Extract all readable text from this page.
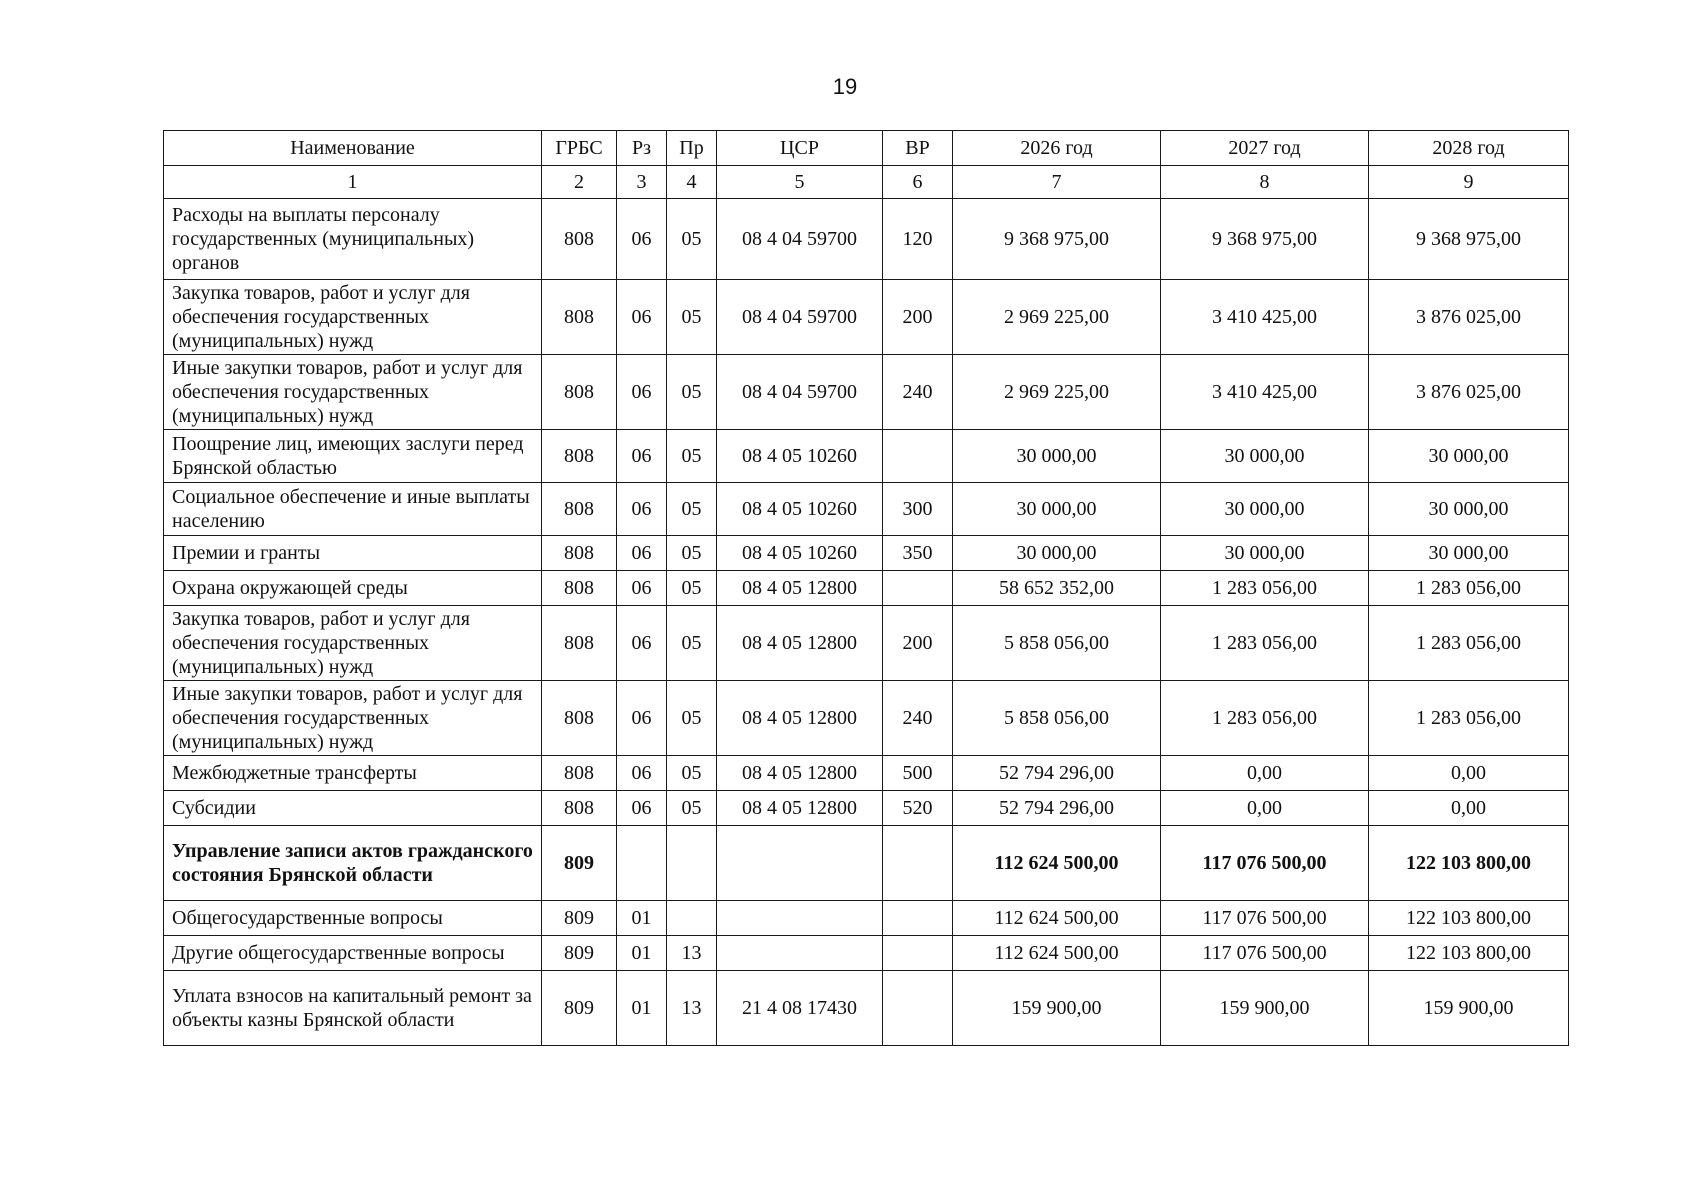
19
Наименование	ГРБС	Рз	Пр	ЦСР	ВР	2026 год	2027 год	2028 год
1	2	3	4	5	6	7	8	9
Расходы на выплаты персоналу государственных (муниципальных) органов	808	06	05	08 4 04 59700	120	9 368 975,00	9 368 975,00	9 368 975,00
Закупка товаров, работ и услуг для обеспечения государственных (муниципальных) нужд	808	06	05	08 4 04 59700	200	2 969 225,00	3 410 425,00	3 876 025,00
Иные закупки товаров, работ и услуг для обеспечения государственных (муниципальных) нужд	808	06	05	08 4 04 59700	240	2 969 225,00	3 410 425,00	3 876 025,00
Поощрение лиц, имеющих заслуги перед Брянской областью	808	06	05	08 4 05 10260		30 000,00	30 000,00	30 000,00
Социальное обеспечение и иные выплаты населению	808	06	05	08 4 05 10260	300	30 000,00	30 000,00	30 000,00
Премии и гранты	808	06	05	08 4 05 10260	350	30 000,00	30 000,00	30 000,00
Охрана окружающей среды	808	06	05	08 4 05 12800		58 652 352,00	1 283 056,00	1 283 056,00
Закупка товаров, работ и услуг для обеспечения государственных (муниципальных) нужд	808	06	05	08 4 05 12800	200	5 858 056,00	1 283 056,00	1 283 056,00
Иные закупки товаров, работ и услуг для обеспечения государственных (муниципальных) нужд	808	06	05	08 4 05 12800	240	5 858 056,00	1 283 056,00	1 283 056,00
Межбюджетные трансферты	808	06	05	08 4 05 12800	500	52 794 296,00	0,00	0,00
Субсидии	808	06	05	08 4 05 12800	520	52 794 296,00	0,00	0,00
Управление записи актов гражданского состояния Брянской области	809					112 624 500,00	117 076 500,00	122 103 800,00
Общегосударственные вопросы	809	01				112 624 500,00	117 076 500,00	122 103 800,00
Другие общегосударственные вопросы	809	01	13			112 624 500,00	117 076 500,00	122 103 800,00
Уплата взносов на капитальный ремонт за объекты казны Брянской области	809	01	13	21 4 08 17430		159 900,00	159 900,00	159 900,00
